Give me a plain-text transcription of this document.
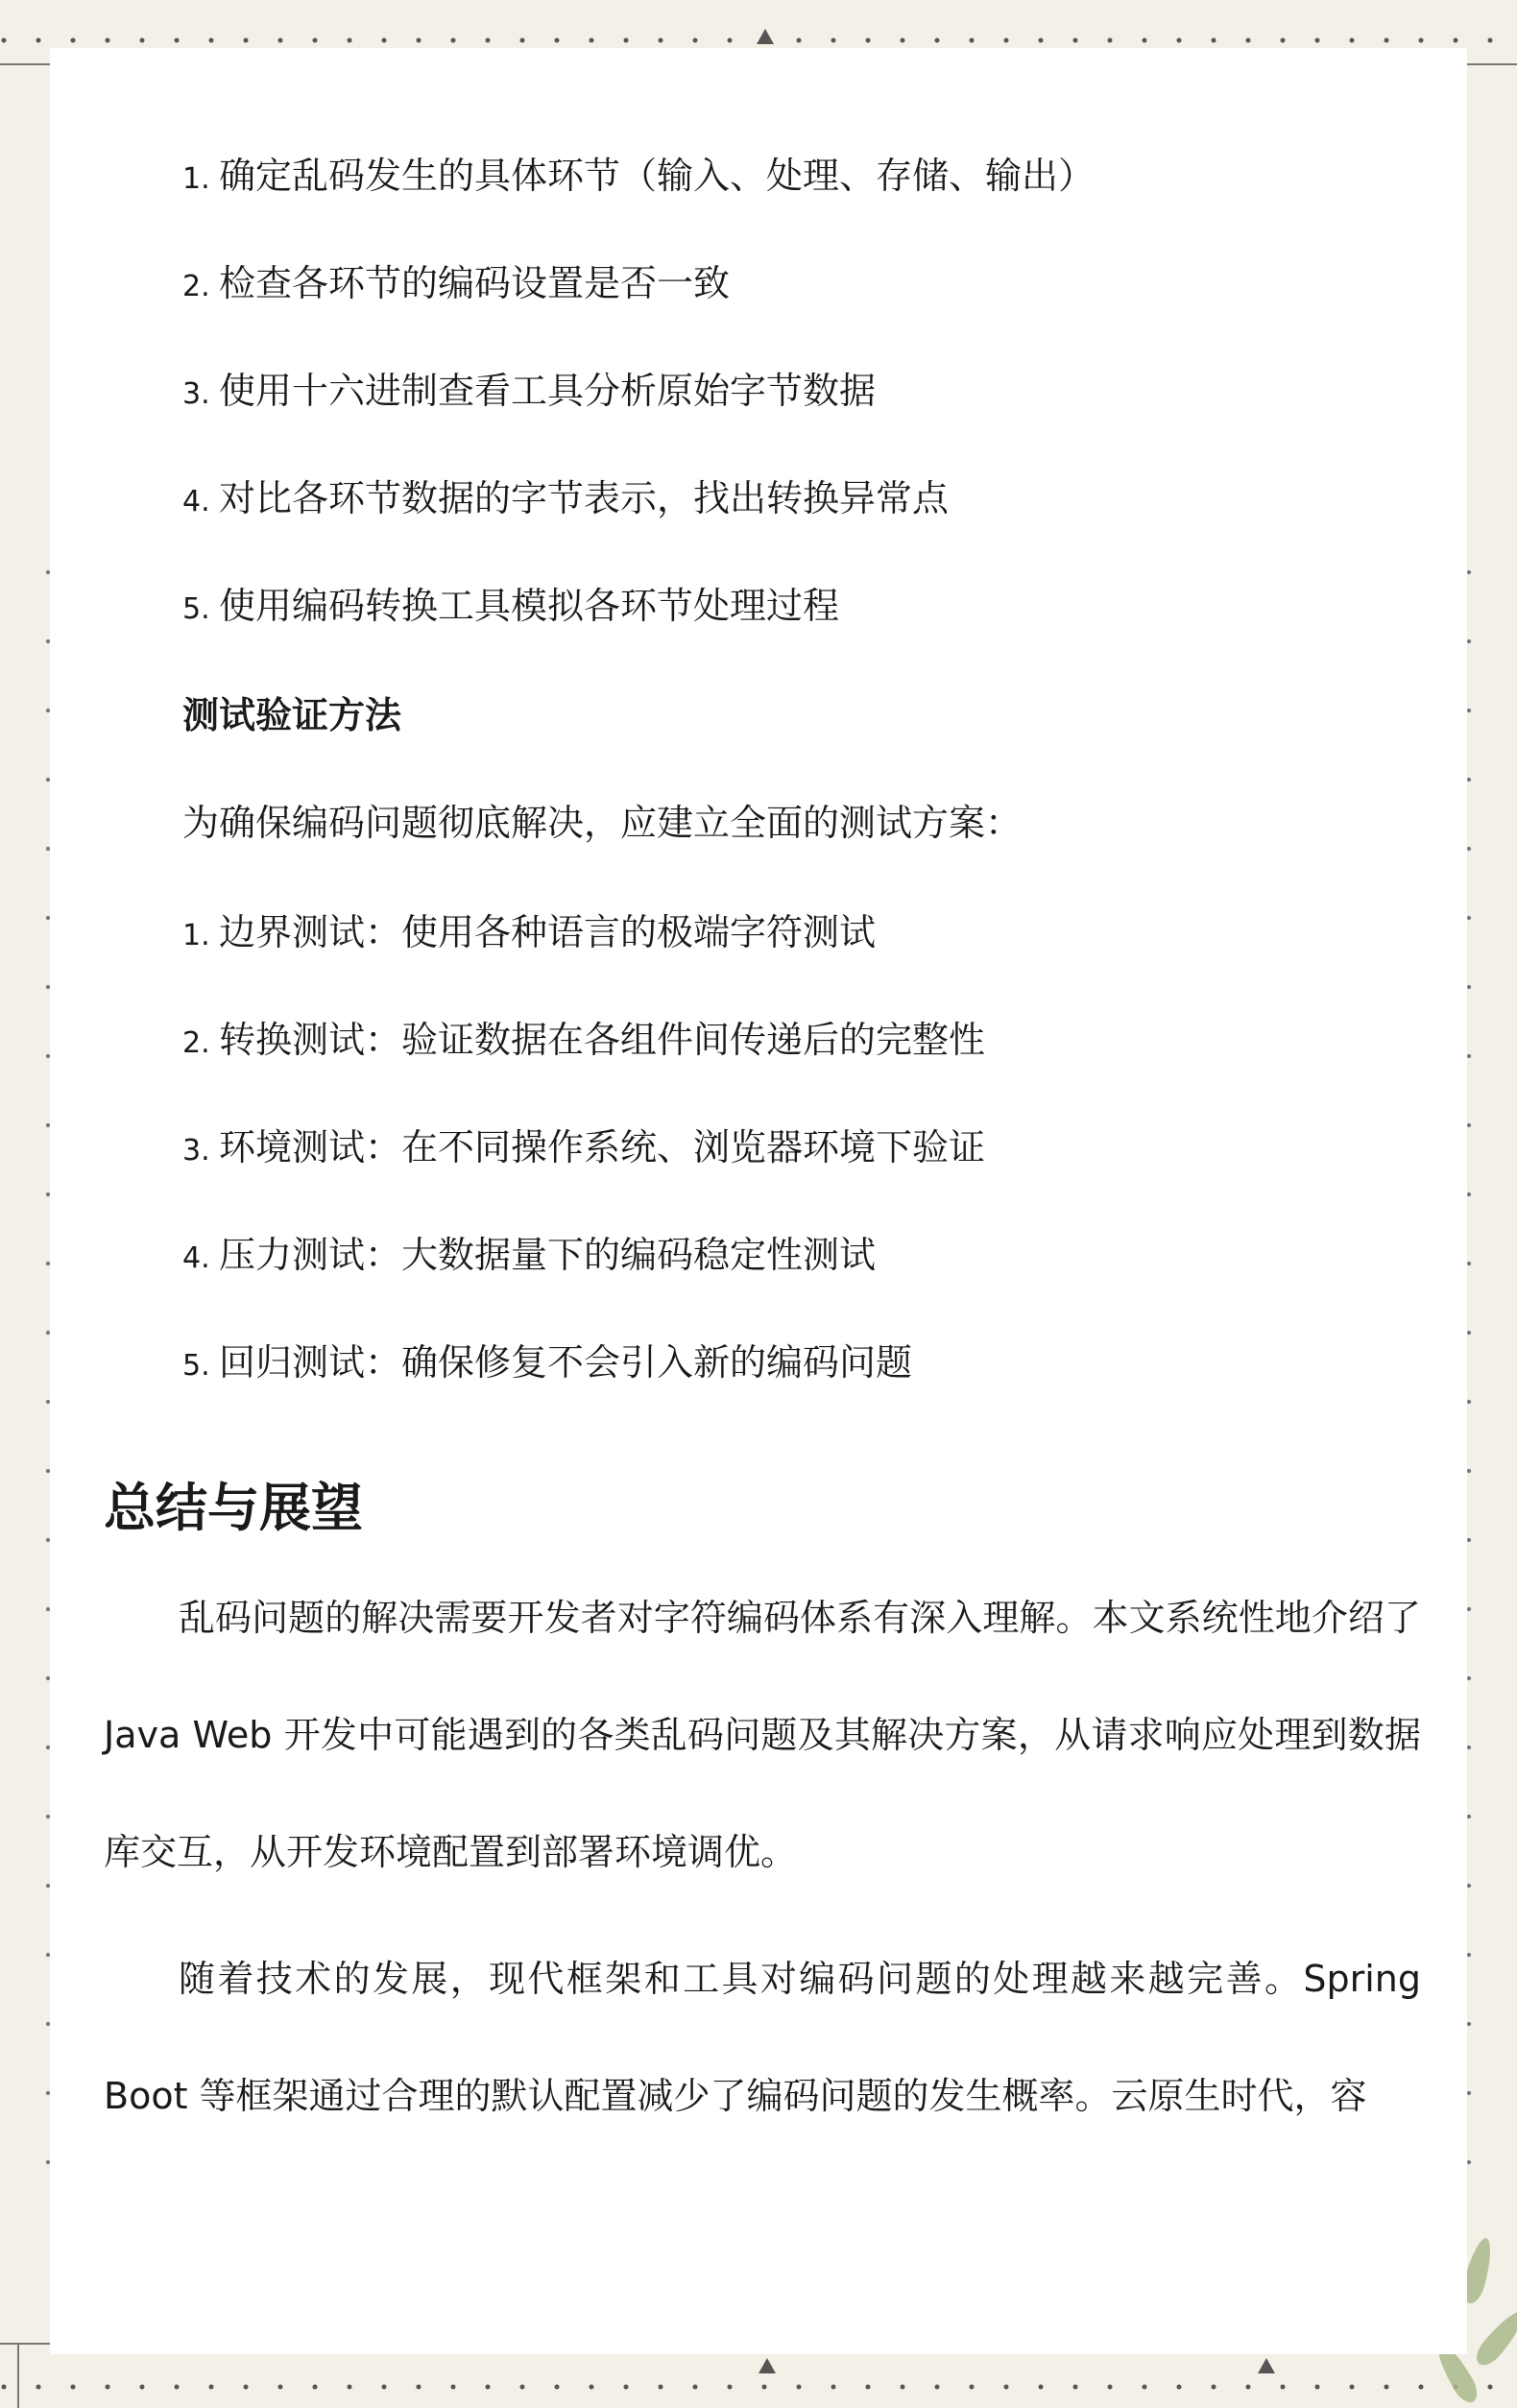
1. 确定乱码发生的具体环节（输入、处理、存储、输出）
2. 检查各环节的编码设置是否一致
3. 使用十六进制查看工具分析原始字节数据
4. 对比各环节数据的字节表示，找出转换异常点
5. 使用编码转换工具模拟各环节处理过程
测试验证方法
为确保编码问题彻底解决，应建立全面的测试方案：
1. 边界测试：使用各种语言的极端字符测试
2. 转换测试：验证数据在各组件间传递后的完整性
3. 环境测试：在不同操作系统、浏览器环境下验证
4. 压力测试：大数据量下的编码稳定性测试
5. 回归测试：确保修复不会引入新的编码问题
总结与展望

乱码问题的解决需要开发者对字符编码体系有深入理解。本文系统性地介绍了 Java Web 开发中可能遇到的各类乱码问题及其解决方案，从请求响应处理到数据库交互，从开发环境配置到部署环境调优。

随着技术的发展，现代框架和工具对编码问题的处理越来越完善。Spring Boot 等框架通过合理的默认配置减少了编码问题的发生概率。云原生时代，容
